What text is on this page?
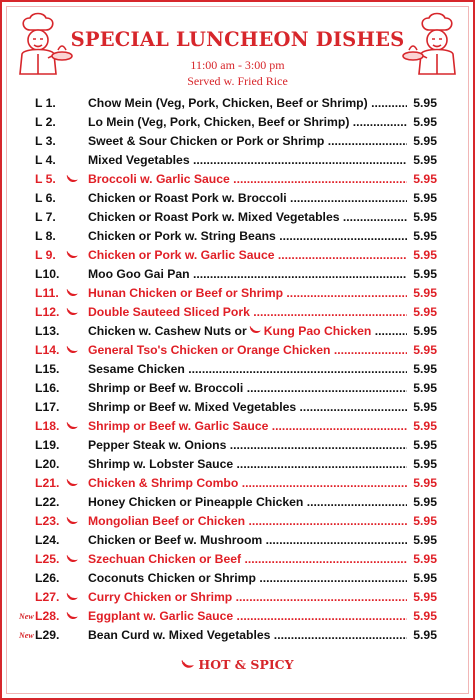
SPECIAL LUNCHEON DISHES
11:00 am - 3:00 pm
Served w. Fried Rice
L 1.	Chow Mein (Veg, Pork, Chicken, Beef or Shrimp) .....	5.95
L 2.	Lo Mein (Veg, Pork, Chicken, Beef or Shrimp) .....	5.95
L 3.	Sweet & Sour Chicken or Pork or Shrimp .....	5.95
L 4.	Mixed Vegetables .....	5.95
L 5.	Broccoli w. Garlic Sauce .....	5.95
L 6.	Chicken or Roast Pork w. Broccoli .....	5.95
L 7.	Chicken or Roast Pork w. Mixed Vegetables .....	5.95
L 8.	Chicken or Pork w. String Beans .....	5.95
L 9.	Chicken or Pork w. Garlic Sauce .....	5.95
L10.	Moo Goo Gai Pan .....	5.95
L11.	Hunan Chicken or Beef or Shrimp .....	5.95
L12.	Double Sauteed Sliced Pork .....	5.95
L13.	Chicken w. Cashew Nuts or Kung Pao Chicken .....	5.95
L14.	General Tso's Chicken or Orange Chicken .....	5.95
L15.	Sesame Chicken .....	5.95
L16.	Shrimp or Beef w. Broccoli .....	5.95
L17.	Shrimp or Beef w. Mixed Vegetables .....	5.95
L18.	Shrimp or Beef w. Garlic Sauce .....	5.95
L19.	Pepper Steak w. Onions .....	5.95
L20.	Shrimp w. Lobster Sauce .....	5.95
L21.	Chicken & Shrimp Combo .....	5.95
L22.	Honey Chicken or Pineapple Chicken .....	5.95
L23.	Mongolian Beef or Chicken .....	5.95
L24.	Chicken or Beef w. Mushroom .....	5.95
L25.	Szechuan Chicken or Beef .....	5.95
L26.	Coconuts Chicken or Shrimp .....	5.95
L27.	Curry Chicken or Shrimp .....	5.95
New L28.	Eggplant w. Garlic Sauce .....	5.95
New L29.	Bean Curd w. Mixed Vegetables .....	5.95
HOT & SPICY
